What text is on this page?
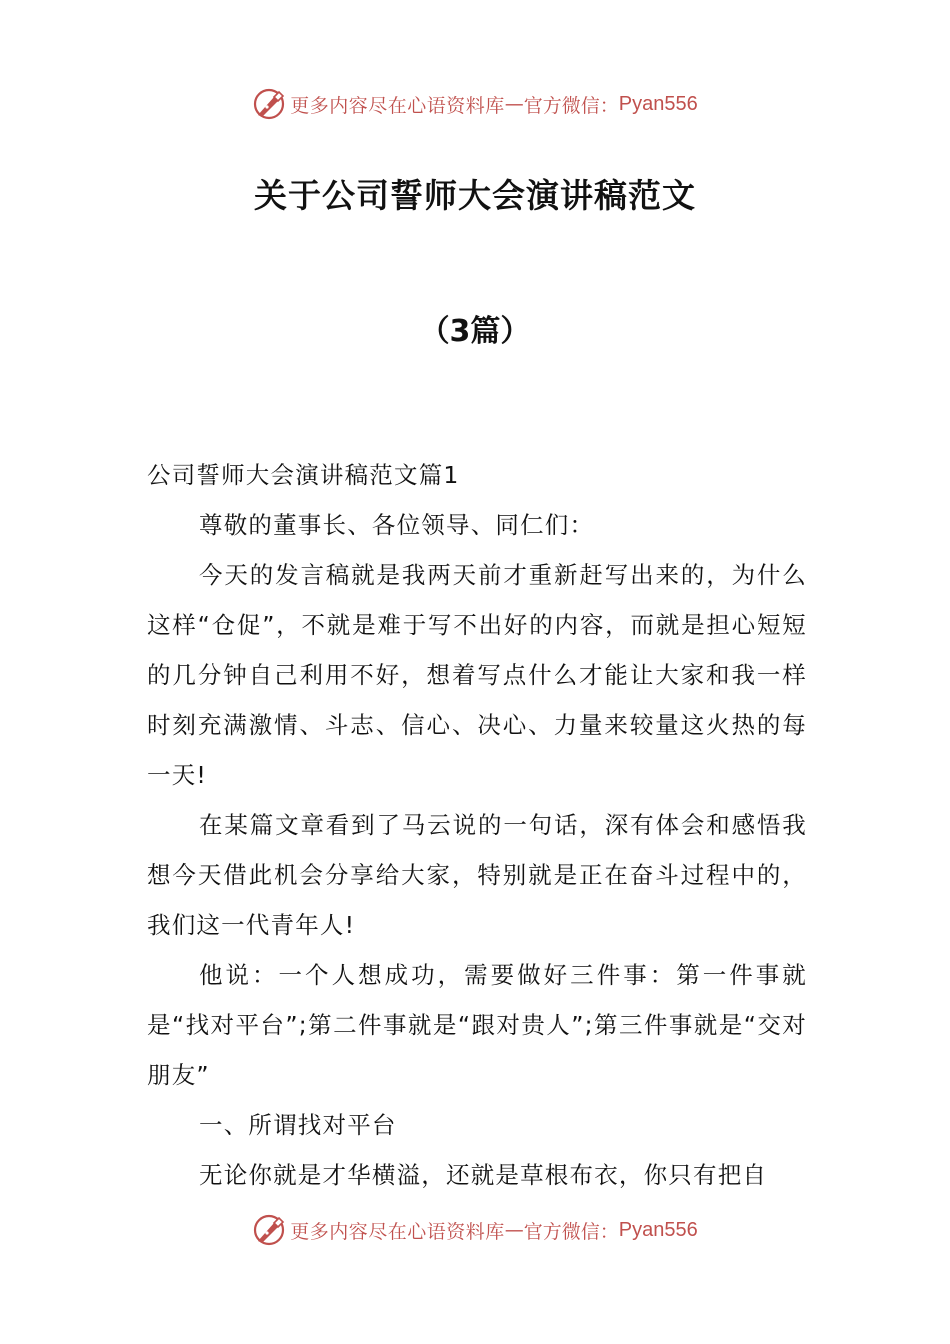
更多内容尽在心语资料库 — 官方微信： Pyan556
关于公司誓师大会演讲稿范文
（3篇）

公司誓师大会演讲稿范文篇1

尊敬的董事长、各位领导、同仁们：

今天的发言稿就是我两天前才重新赶写出来的，为什么这样“仓促”，不就是难于写不出好的内容，而就是担心短短的几分钟自己利用不好，想着写点什么才能让大家和我一样时刻充满激情、斗志、信心、决心、力量来较量这火热的每一天!

在某篇文章看到了马云说的一句话，深有体会和感悟我想今天借此机会分享给大家，特别就是正在奋斗过程中的，我们这一代青年人!

他说：一个人想成功，需要做好三件事：第一件事就是“找对平台”;第二件事就是“跟对贵人”;第三件事就是“交对朋友”

一、所谓找对平台

无论你就是才华横溢，还就是草根布衣，你只有把自

更多内容尽在心语资料库 — 官方微信： Pyan556
